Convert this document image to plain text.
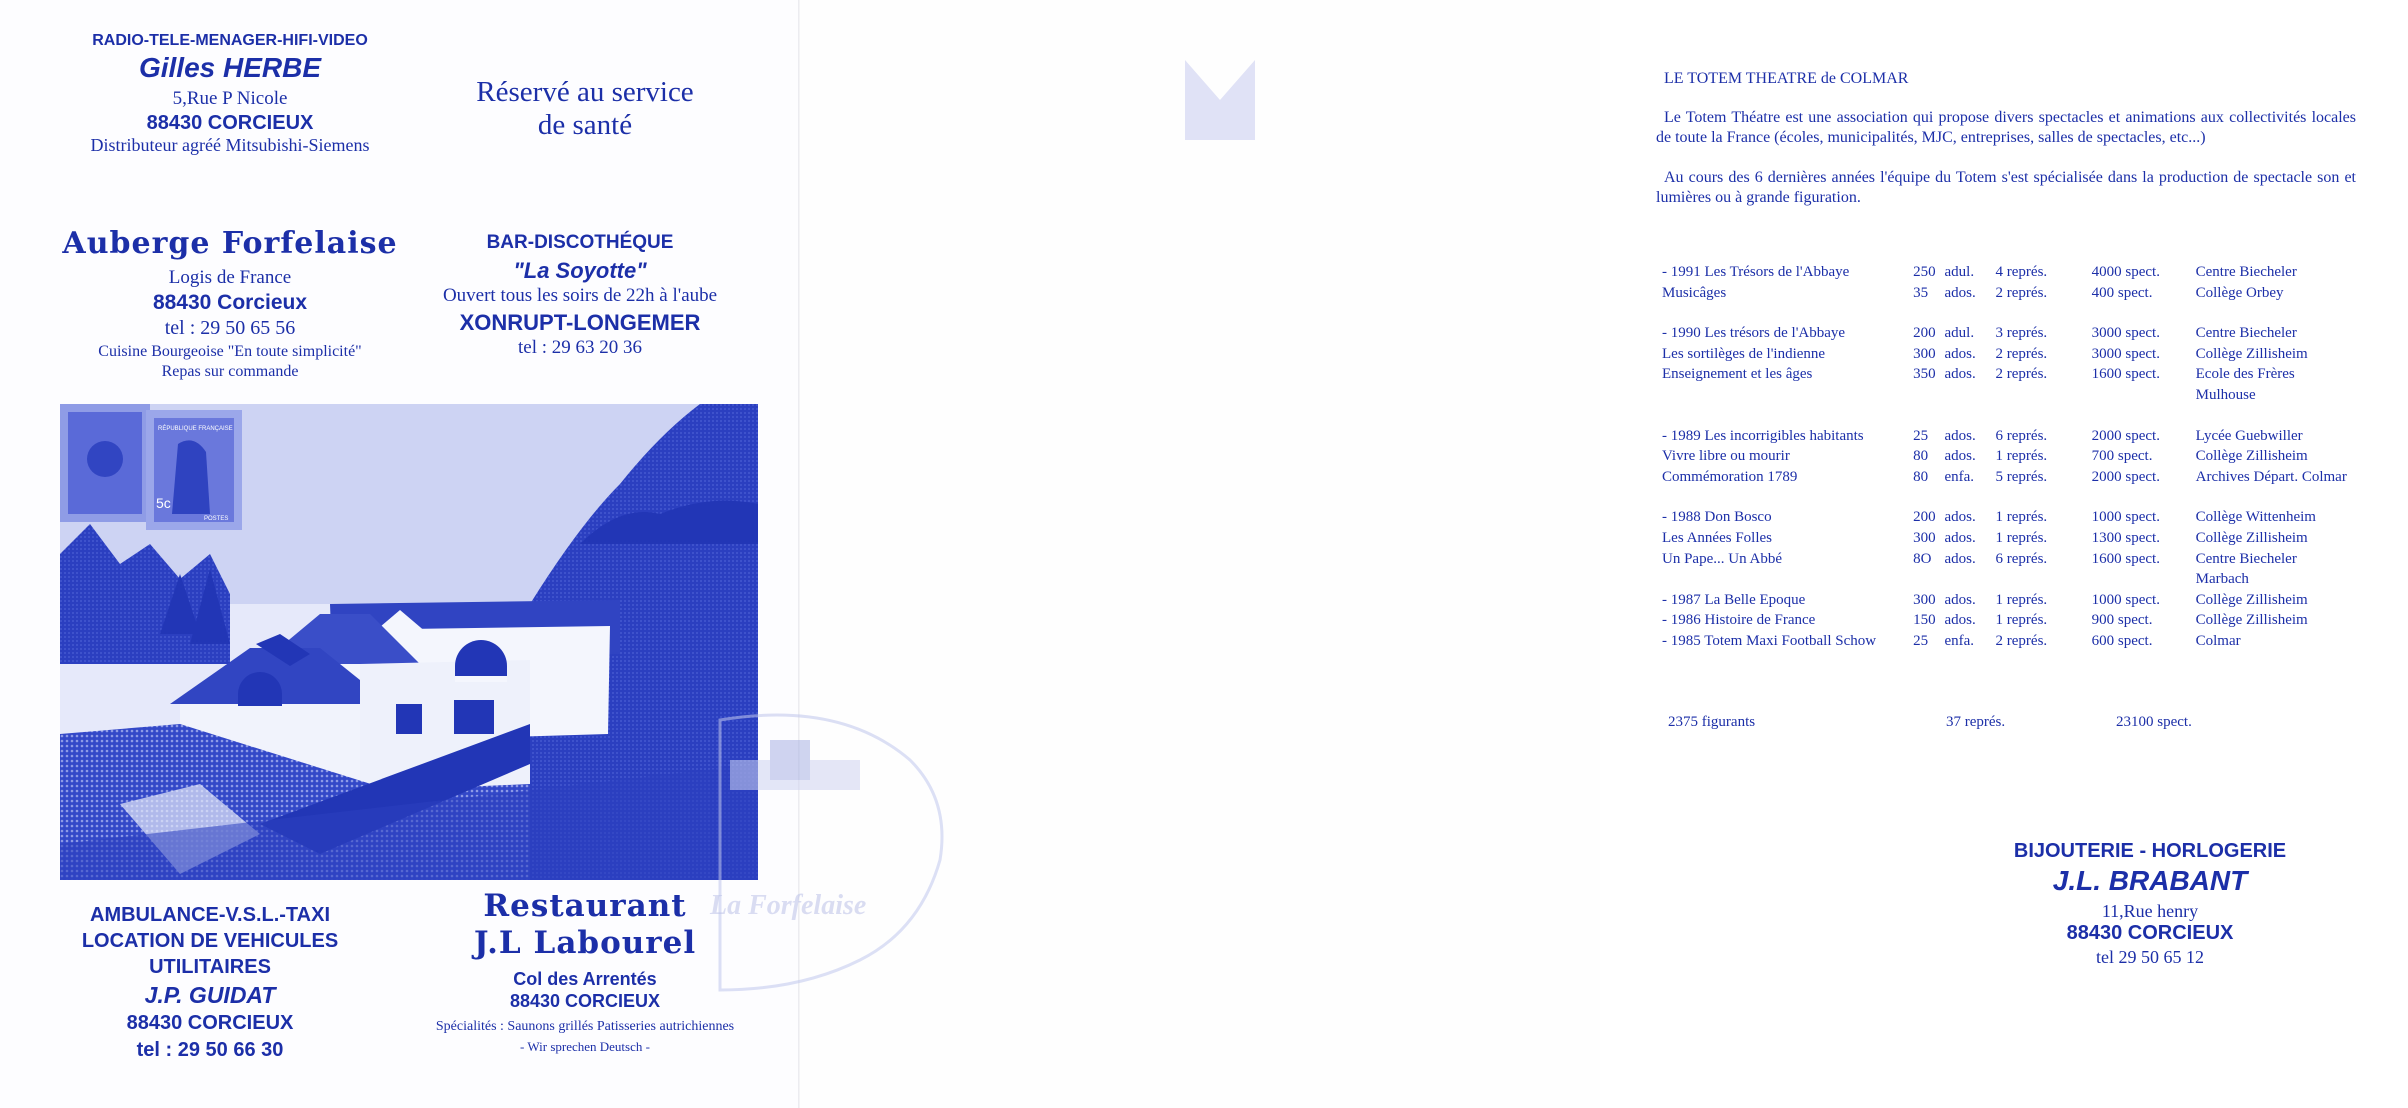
RADIO-TELE-MENAGER-HIFI-VIDEO
Gilles HERBE
5,Rue P Nicole
88430 CORCIEUX
Distributeur agréé Mitsubishi-Siemens
Réservé au service
de santé
Auberge Forfelaise
Logis de France
88430 Corcieux
tel : 29 50 65 56
Cuisine Bourgeoise "En toute simplicité"
Repas sur commande
BAR-DISCOTHÉQUE
"La Soyotte"
Ouvert tous les soirs de 22h à l'aube
XONRUPT-LONGEMER
tel : 29 63 20 36
5c
RÉPUBLIQUE FRANÇAISE
POSTES
AMBULANCE-V.S.L.-TAXI
LOCATION DE VEHICULES
UTILITAIRES
J.P. GUIDAT
88430 CORCIEUX
tel : 29 50 66 30
Restaurant
J.L Labourel
Col des Arrentés
88430 CORCIEUX
Spécialités : Saunons grillés Patisseries autrichiennes
- Wir sprechen Deutsch -
La Forfelaise
LE TOTEM THEATRE de COLMAR

Le Totem Théatre est une association qui propose divers spectacles et animations aux collectivités locales de toute la France (écoles, municipalités, MJC, entreprises, salles de spectacles, etc...)

Au cours des 6 dernières années l'équipe du Totem s'est spécialisée dans la production de spectacle son et lumières ou à grande figuration.

- 1991 Les Trésors de l'Abbaye	250 adul.	4 représ.	4000 spect.	Centre Biecheler
Musicâges	35	ados.	2 représ.	400 spect.	Collège Orbey
- 1990 Les trésors de l'Abbaye	200 adul.	3 représ.	3000 spect.	Centre Biecheler
Les sortilèges de l'indienne	300 ados.	2 représ.	3000 spect.	Collège Zillisheim
Enseignement et les âges	350 ados.	2 représ.	1600 spect.	Ecole des Frères
Mulhouse
- 1989 Les incorrigibles habitants	25	ados.	6 représ.	2000 spect.	Lycée Guebwiller
Vivre libre ou mourir	80	ados.	1 représ.	700 spect.	Collège Zillisheim
Commémoration 1789	80	enfa.	5 représ.	2000 spect.	Archives Départ. Colmar
- 1988 Don Bosco	200 ados.	1 représ.	1000 spect.	Collège Wittenheim
Les Années Folles	300 ados.	1 représ.	1300 spect.	Collège Zillisheim
Un Pape... Un Abbé	8O ados.	6 représ.	1600 spect.	Centre Biecheler
Marbach
- 1987 La Belle Epoque	300 ados.	1 représ.	1000 spect.	Collège Zillisheim
- 1986 Histoire de France	150 ados.	1 représ.	900 spect.	Collège Zillisheim
- 1985 Totem Maxi Football Schow	25	enfa.	2 représ.	600 spect.	Colmar
2375 figurants	37 représ.	23100 spect.
BIJOUTERIE - HORLOGERIE
J.L. BRABANT
11,Rue henry
88430 CORCIEUX
tel 29 50 65 12
